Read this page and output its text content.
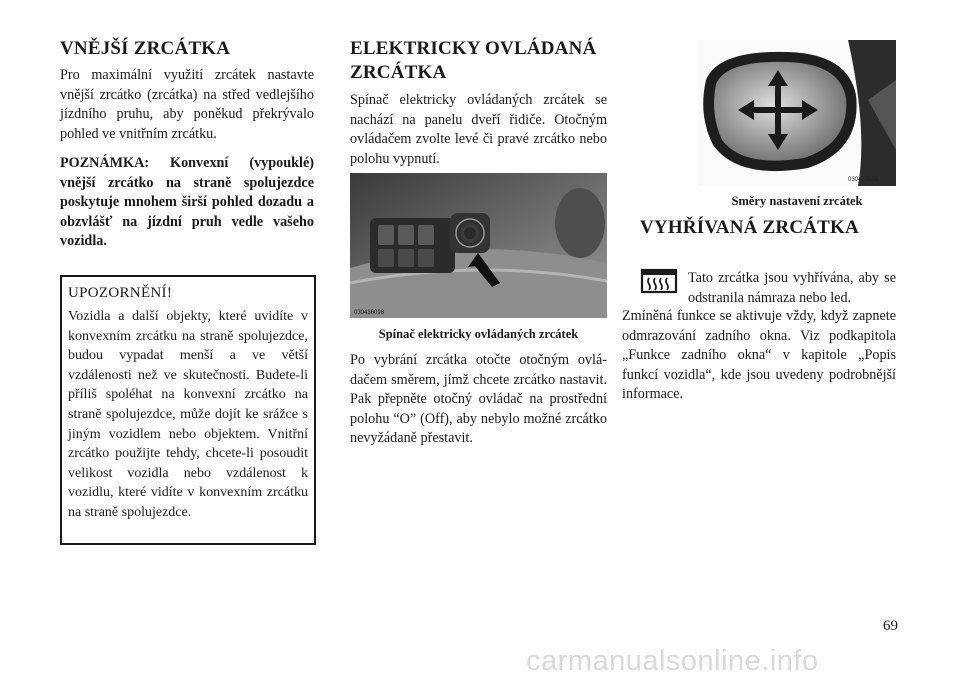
VNĚJŠÍ ZRCÁTKA

Pro maximální využití zrcátek nastavte vnější zrcátko (zrcátka) na střed vedlejšího jízdního pruhu, aby poněkud překrývalo pohled ve vnitřním zrcátku.

POZNÁMKA: Konvexní (vypouklé) vnější zrcátko na straně spolujezdce poskytuje mnohem širší pohled dozadu a obzvlášť na jízdní pruh vedle vašeho vozidla.

UPOZORNĚNÍ!

Vozidla a další objekty, které uvidíte v konvexním zrcátku na straně spolujezdce, budou vypadat menší a ve větší vzdálenosti než ve skutečnosti. Budete-li příliš spoléhat na konvexní zrcátko na straně spolujezdce, může dojít ke srážce s jiným vozidlem nebo objektem. Vnitřní zrcátko použijte tehdy, chcete-li posoudit velikost vozidla nebo vzdálenost k vozidlu, které vidíte v konvexním zrcátku na straně spolujezdce.

ELEKTRICKY OVLÁDANÁ ZRCÁTKA

Spínač elektricky ovládaných zrcátek se nachází na panelu dveří řidiče. Otočným ovládačem zvolte levé či pravé zrcátko nebo polohu vypnutí.

030436098
Spínač elektricky ovládaných zrcátek

Po vybrání zrcátka otočte otočným ovládačem směrem, jímž chcete zrcátko nastavit. Pak přepněte otočný ovládač na prostřední polohu “O” (Off), aby nebylo možné zrcátko nevyžádaně přestavit.

030437628
Směry nastavení zrcátek
VYHŘÍVANÁ ZRCÁTKA

Tato zrcátka jsou vyhřívána, aby se odstranila námraza nebo led.

Zmíněná funkce se aktivuje vždy, když zapnete odmrazování zadního okna. Viz podkapitola „Funkce zadního okna“ v kapitole „Popis funkcí vozidla“, kde jsou uvedeny podrobnější informace.

69
carmanualsonline.info
